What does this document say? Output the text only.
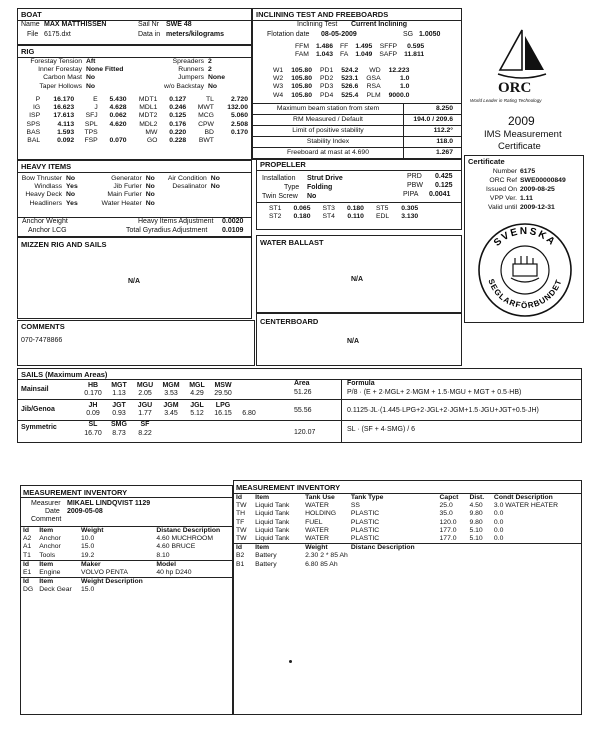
BOAT
Name MAX MATTHISSEN	Sail Nr SWE 48
File 6175.dxt	Data in meters/kilograms
RIG
Forestay Tension	Aft	Spreaders	2
Inner Forestay	None Fitted	Runners	2
Carbon Mast	No	Jumpers	None
Taper Hollows	No	w/o Backstay	No
P	16.170	E	5.430	MDT1	0.127	TL	2.720
IG	16.623	J	4.628	MDL1	0.246	MWT	132.00
ISP	17.613	SFJ	0.062	MDT2	0.125	MCG	5.060
SPS	4.113	SPL	4.620	MDL2	0.176	CPW	2.508
BAS	1.593	TPS		MW	0.220	BD	0.170
BAL	0.092	FSP	0.070	GO	0.228	BWT	
INCLINING TEST AND FREEBOARDS
Inclining Test Current Inclining
Flotation date 08-05-2009	SG 1.0050
FFM	1.486	FF	1.495	SFFP	0.595
FAM	1.043	FA	1.049	SAFP	11.811
W1	105.80	PD1	524.2	WD	12.223
W2	105.80	PD2	523.1	GSA	1.0
W3	105.80	PD3	526.6	RSA	1.0
W4	105.80	PD4	525.4	PLM	9000.0
Maximum beam station from stem	8.250
RM Measured / Default	194.0 / 209.6
Limit of positive stability	112.2°
Stability Index	118.0
Freeboard at mast at 4.690	1.267
ORC
World Leader in Rating Technology
2009
IMS Measurement
Certificate
Certificate
Number 6175
ORC Ref SWE00000849
Issued On 2009-08-25
VPP Ver. 1.11
Valid until 2009-12-31
SVENSKA
SEGLARFÖRBUNDET
HEAVY ITEMS
Bow Thruster	No	Generator	No	Air Condition	No
Windlass	Yes	Jib Furler	No	Desalinator	No
Heavy Deck	No	Main Furler	No		
Headliners	Yes	Water Heater	No		
Anchor Weight	Heavy Items Adjustment 0.0020
Anchor LCG	Total Gyradius Adjustment 0.0109
PROPELLER
Installation Strut Drive
Type Folding
Twin Screw No
PRD 0.425
PBW 0.125
PIPA 0.0041
ST1	0.065	ST3	0.180	ST5	0.305
ST2	0.180	ST4	0.110	EDL	3.130
MIZZEN RIG AND SAILS
N/A
WATER BALLAST
N/A
COMMENTS
070-7478866
CENTERBOARD
N/A
SAILS (Maximum Areas)
Area	Formula
Mainsail
HB MGT MGU MGM MGL MSW
0.170 1.13 2.05 3.53 4.29 29.50	51.26	P/8 · (E + 2·MGL+ 2·MGM + 1.5·MGU + MGT + 0.5·HB)
Jib/Genoa
JH JGT JGU JGM JGL LPG
0.09 0.93 1.77 3.45 5.12 16.15 6.80	55.56	0.1125·JL·(1.445·LPG+2·JGL+2·JGM+1.5·JGU+JGT+0.5·JH)
Symmetric	SL SMG SF
16.70 8.73 8.22	120.07	SL · (SF + 4·SMG) / 6
MEASUREMENT INVENTORY
Measurer MIKAEL LINDQVIST 1129
Date 2009-05-08
Comment
Id	Item	Weight	Distanc Description
A2	Anchor	10.0	4.60 MUCHROOM
A1	Anchor	15.0	4.60 BRUCE
T1	Tools	19.2	8.10
Id	Item	Maker	Model
E1	Engine	VOLVO PENTA	40 hp D240
Id	Item	Weight Description	
DG	Deck Gear	15.0	
MEASUREMENT INVENTORY
Id	Item	Tank Use	Tank Type	Capct	Dist.	Condt Description
TW	Liquid Tank	WATER	SS	25.0	4.50	3.0 WATER HEATER
TH	Liquid Tank	HOLDING	PLASTIC	35.0	9.80	0.0
TF	Liquid Tank	FUEL	PLASTIC	120.0	9.80	0.0
TW	Liquid Tank	WATER	PLASTIC	177.0	5.10	0.0
TW	Liquid Tank	WATER	PLASTIC	177.0	5.10	0.0
Id	Item	Weight	Distanc Description			
B2	Battery	2.30 2 * 85 Ah				
B1	Battery	6.80 85 Ah				
